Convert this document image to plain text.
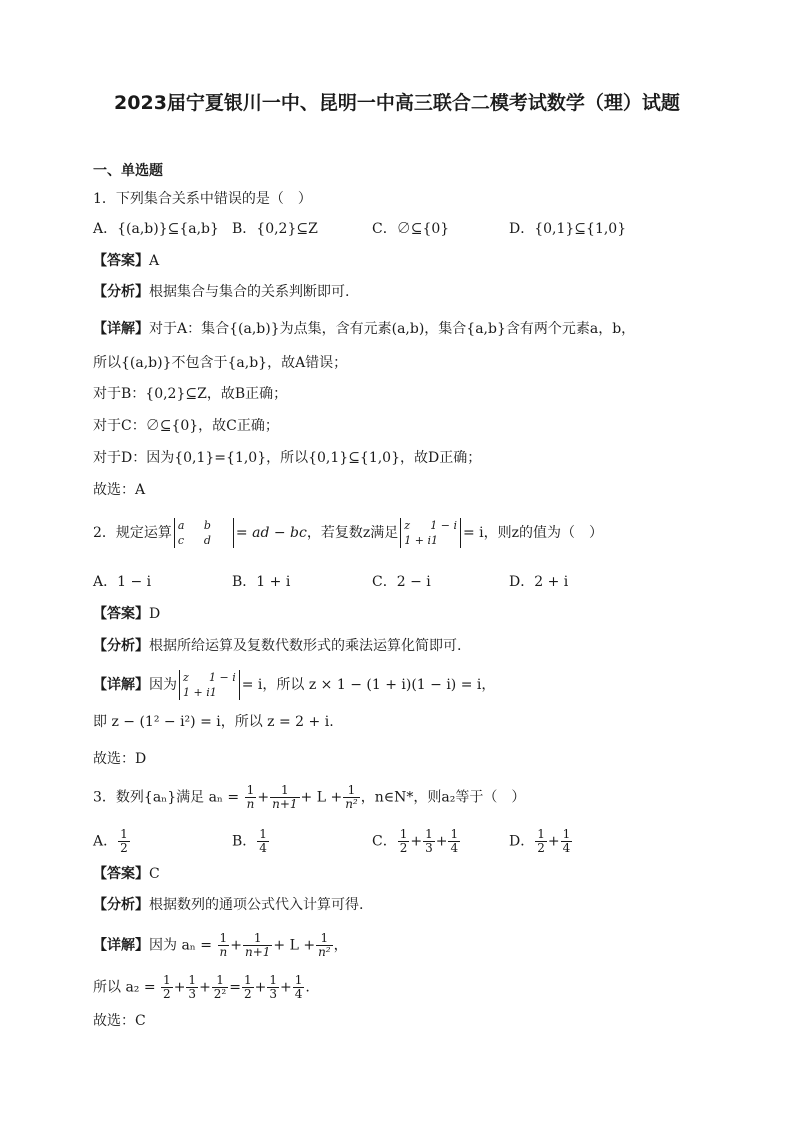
2023届宁夏银川一中、昆明一中高三联合二模考试数学（理）试题
一、单选题
1．下列集合关系中错误的是（　）
A．{(a,b)}⊆{a,b} B．{0,2}⊆Z	C．∅⊆{0}	D．{0,1}⊆{1,0}
【答案】A
【分析】根据集合与集合的关系判断即可.
【详解】对于A：集合{(a,b)}为点集，含有元素(a,b)，集合{a,b}含有两个元素a，b，
所以{(a,b)}不包含于{a,b}，故A错误；
对于B：{0,2}⊆Z，故B正确；
对于C：∅⊆{0}，故C正确；
对于D：因为{0,1}={1,0}，所以{0,1}⊆{1,0}，故D正确；
故选：A
2．规定运算 a b
c d = ad − bc，若复数z满足 z 1 − i
1 + i1 = i，则z的值为（　）
A．1 − i	B．1 + i	C．2 − i	D．2 + i
【答案】D
【分析】根据所给运算及复数代数形式的乘法运算化简即可.
【详解】因为 z 1 − i
1 + i1 = i，所以 z × 1 − (1 + i)(1 − i) = i，
即 z − (1² − i²) = i，所以 z = 2 + i.
故选：D
3．数列{aₙ}满足 $a_n = \frac{1}{n} + \frac{1}{n+1} + L + \frac{1}{\text{n²}}$ ，n∈N*，则a₂等于（　）
A． $\frac{1}{2}$	B． $\frac{1}{4}$	C． $\frac{1}{2} + \frac{1}{3} + \frac{1}{4}$	D． $\frac{1}{2} + \frac{1}{4}$
【答案】C
【分析】根据数列的通项公式代入计算可得.
【详解】因为 $a_n = \frac{1}{n} + \frac{1}{n+1} + L + \frac{1}{\text{n²}}$ ，
所以 $a_2 = \frac{1}{2} + \frac{1}{3} + \frac{1}{\text{2²}} = \frac{1}{2} + \frac{1}{3} + \frac{1}{4}$ .
故选：C
